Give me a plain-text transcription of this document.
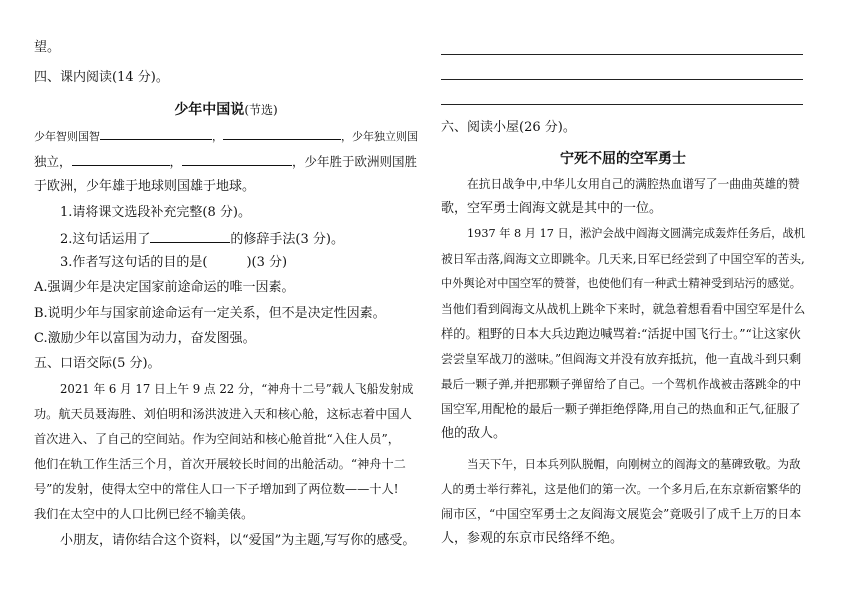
望。
四、课内阅读(14 分)。
少年中国说(节选)
少年智则国智	，	，少年独立则国
独立，	，	，少年胜于欧洲则国胜
于欧洲，少年雄于地球则国雄于地球。
1.请将课文选段补充完整(8 分)。
2.这句话运用了	的修辞手法(3 分)。
3.作者写这句话的目的是(　　　)(3 分)
A.强调少年是决定国家前途命运的唯一因素。
B.说明少年与国家前途命运有一定关系，但不是决定性因素。
C.激励少年以富国为动力，奋发图强。
五、口语交际(5 分)。
2021 年 6 月 17 日上午 9 点 22 分，“神舟十二号”载人飞船发射成
功。航天员聂海胜、刘伯明和汤洪波进入天和核心舱，这标志着中国人
首次进入、了自己的空间站。作为空间站和核心舱首批“入住人员”，
他们在轨工作生活三个月，首次开展较长时间的出舱活动。“神舟十二
号”的发射，使得太空中的常住人口一下子增加到了两位数——十人!
我们在太空中的人口比例已经不输美俵。
小朋友，请你结合这个资料，以“爱国”为主题,写写你的感受。
六、阅读小屋(26 分)。
宁死不屈的空军勇士
在抗日战争中,中华儿女用自己的满腔热血谱写了一曲曲英雄的赞
歌，空军勇士阎海文就是其中的一位。
1937 年 8 月 17 日，淞沪会战中阎海文圆满完成轰炸任务后，战机
被日军击落,阎海文立即跳伞。几天来,日军已经尝到了中国空军的苦头,
中外舆论对中国空军的赞誉，也使他们有一种武士精神受到玷污的感觉。
当他们看到阎海文从战机上跳伞下来时，就急着想看看中国空军是什么
样的。粗野的日本大兵边跑边喊骂着:“活捉中国飞行士。”“让这家伙
尝尝皇军战刀的滋味。”但阎海文并没有放弃抵抗，他一直战斗到只剩
最后一颗子弹,并把那颗子弹留给了自己。一个驾机作战被击落跳伞的中
国空军,用配枪的最后一颗子弹拒绝俘降,用自己的热血和正气,征服了
他的敌人。
当天下午，日本兵列队脱帽，向刚树立的阎海文的墓碑致敬。为敌
人的勇士举行葬礼，这是他们的第一次。一个多月后,在东京新宿繁华的
闹市区，“中国空军勇士之友阎海文展览会”竟吸引了成千上万的日本
人，参观的东京市民络绎不绝。
